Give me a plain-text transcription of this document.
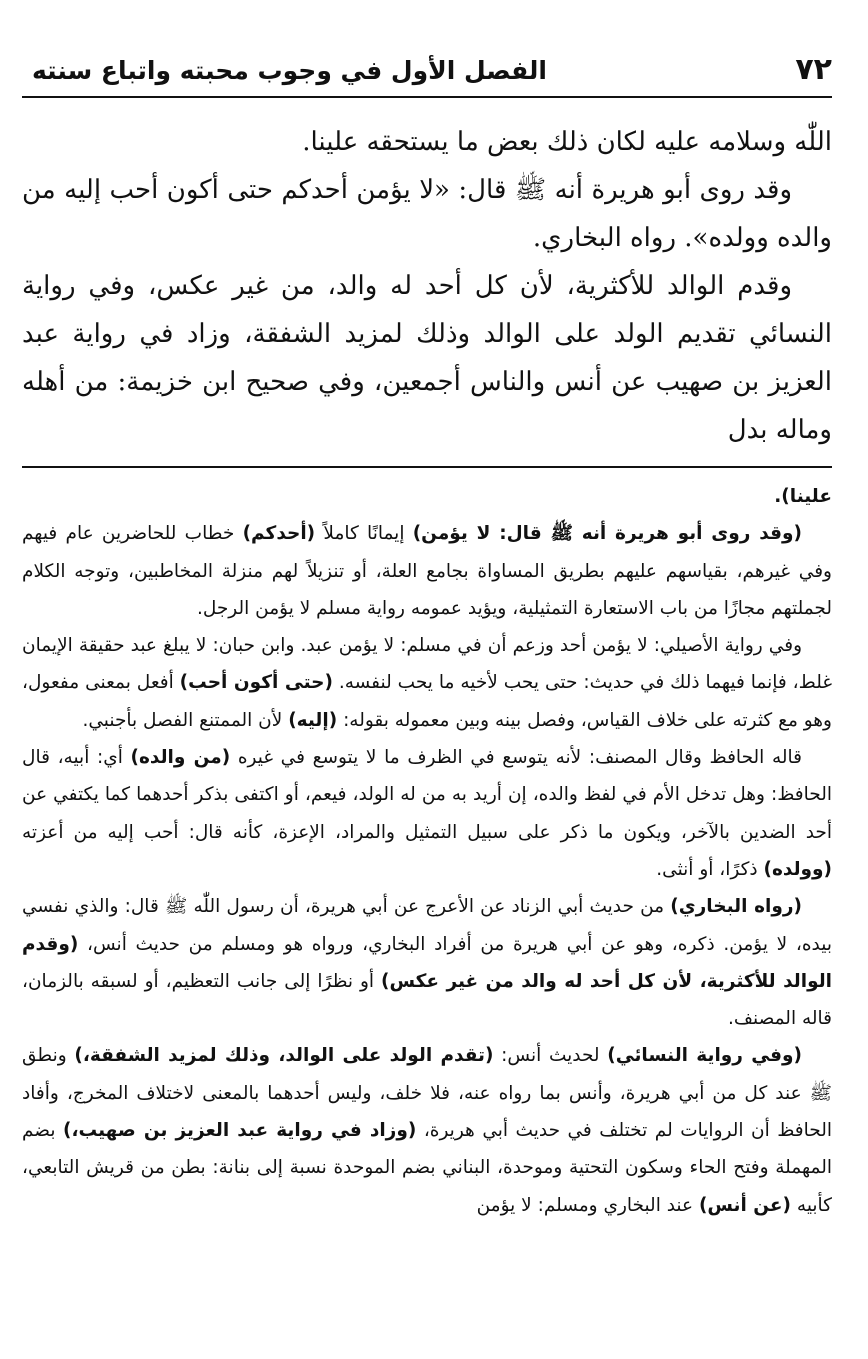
٧٢
الفصل الأول في وجوب محبته واتباع سنته

اللّٰه وسلامه عليه لكان ذلك بعض ما يستحقه علينا.

وقد روى أبو هريرة أنه ﷺ قال: «لا يؤمن أحدكم حتى أكون أحب إليه من والده وولده». رواه البخاري.

وقدم الوالد للأكثرية، لأن كل أحد له والد، من غير عكس، وفي رواية النسائي تقديم الولد على الوالد وذلك لمزيد الشفقة، وزاد في رواية عبد العزيز بن صهيب عن أنس والناس أجمعين، وفي صحيح ابن خزيمة: من أهله وماله بدل

علينا).

(وقد روى أبو هريرة أنه ﷺ قال: لا يؤمن) إيمانًا كاملاً (أحدكم) خطاب للحاضرين عام فيهم وفي غيرهم، بقياسهم عليهم بطريق المساواة بجامع العلة، أو تنزيلاً لهم منزلة المخاطبين، وتوجه الكلام لجملتهم مجازًا من باب الاستعارة التمثيلية، ويؤيد عمومه رواية مسلم لا يؤمن الرجل.

وفي رواية الأصيلي: لا يؤمن أحد وزعم أن في مسلم: لا يؤمن عبد. وابن حبان: لا يبلغ عبد حقيقة الإيمان غلط، فإنما فيهما ذلك في حديث: حتى يحب لأخيه ما يحب لنفسه. (حتى أكون أحب) أفعل بمعنى مفعول، وهو مع كثرته على خلاف القياس، وفصل بينه وبين معموله بقوله: (إليه) لأن الممتنع الفصل بأجنبي.

قاله الحافظ وقال المصنف: لأنه يتوسع في الظرف ما لا يتوسع في غيره (من والده) أي: أبيه، قال الحافظ: وهل تدخل الأم في لفظ والده، إن أريد به من له الولد، فيعم، أو اكتفى بذكر أحدهما كما يكتفي عن أحد الضدين بالآخر، ويكون ما ذكر على سبيل التمثيل والمراد، الإعزة، كأنه قال: أحب إليه من أعزته (وولده) ذكرًا، أو أنثى.

(رواه البخاري) من حديث أبي الزناد عن الأعرج عن أبي هريرة، أن رسول اللّٰه ﷺ قال: والذي نفسي بيده، لا يؤمن. ذكره، وهو عن أبي هريرة من أفراد البخاري، ورواه هو ومسلم من حديث أنس، (وقدم الوالد للأكثرية، لأن كل أحد له والد من غير عكس) أو نظرًا إلى جانب التعظيم، أو لسبقه بالزمان، قاله المصنف.

(وفي رواية النسائي) لحديث أنس: (تقدم الولد على الوالد، وذلك لمزيد الشفقة،) ونطق ﷺ عند كل من أبي هريرة، وأنس بما رواه عنه، فلا خلف، وليس أحدهما بالمعنى لاختلاف المخرج، وأفاد الحافظ أن الروايات لم تختلف في حديث أبي هريرة، (وزاد في رواية عبد العزيز بن صهيب،) بضم المهملة وفتح الحاء وسكون التحتية وموحدة، البناني بضم الموحدة نسبة إلى بنانة: بطن من قريش التابعي، كأبيه (عن أنس) عند البخاري ومسلم: لا يؤمن
